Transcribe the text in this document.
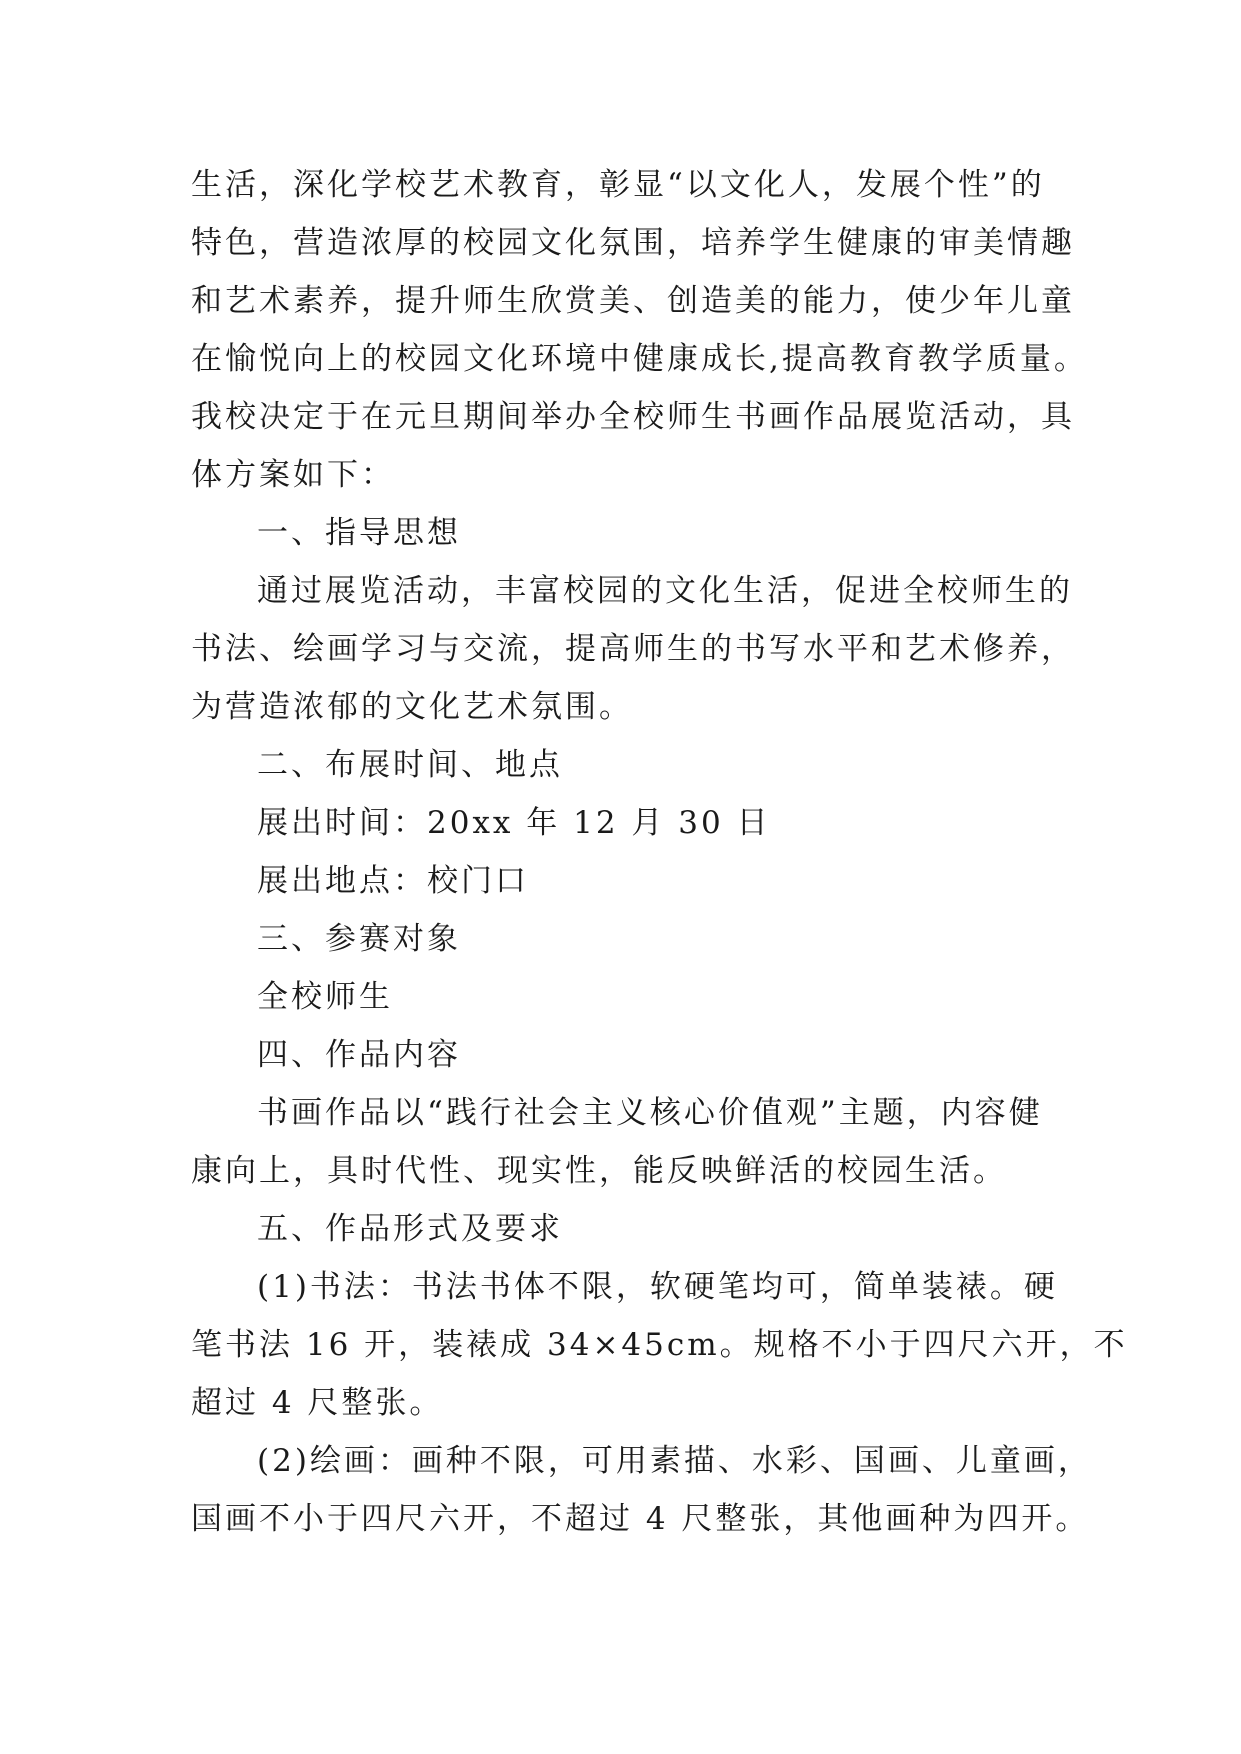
生活，深化学校艺术教育，彰显“以文化人，发展个性”的
特色，营造浓厚的校园文化氛围，培养学生健康的审美情趣
和艺术素养，提升师生欣赏美、创造美的能力，使少年儿童
在愉悦向上的校园文化环境中健康成长,提高教育教学质量。
我校决定于在元旦期间举办全校师生书画作品展览活动，具
体方案如下：
一、指导思想
通过展览活动，丰富校园的文化生活，促进全校师生的
书法、绘画学习与交流，提高师生的书写水平和艺术修养，
为营造浓郁的文化艺术氛围。
二、布展时间、地点
展出时间：20xx 年 12 月 30 日
展出地点：校门口
三、参赛对象
全校师生
四、作品内容
书画作品以“践行社会主义核心价值观”主题，内容健
康向上，具时代性、现实性，能反映鲜活的校园生活。
五、作品形式及要求
(1)书法：书法书体不限，软硬笔均可，简单装裱。硬
笔书法 16 开，装裱成 34×45cm。规格不小于四尺六开，不
超过 4 尺整张。
(2)绘画：画种不限，可用素描、水彩、国画、儿童画，
国画不小于四尺六开，不超过 4 尺整张，其他画种为四开。
